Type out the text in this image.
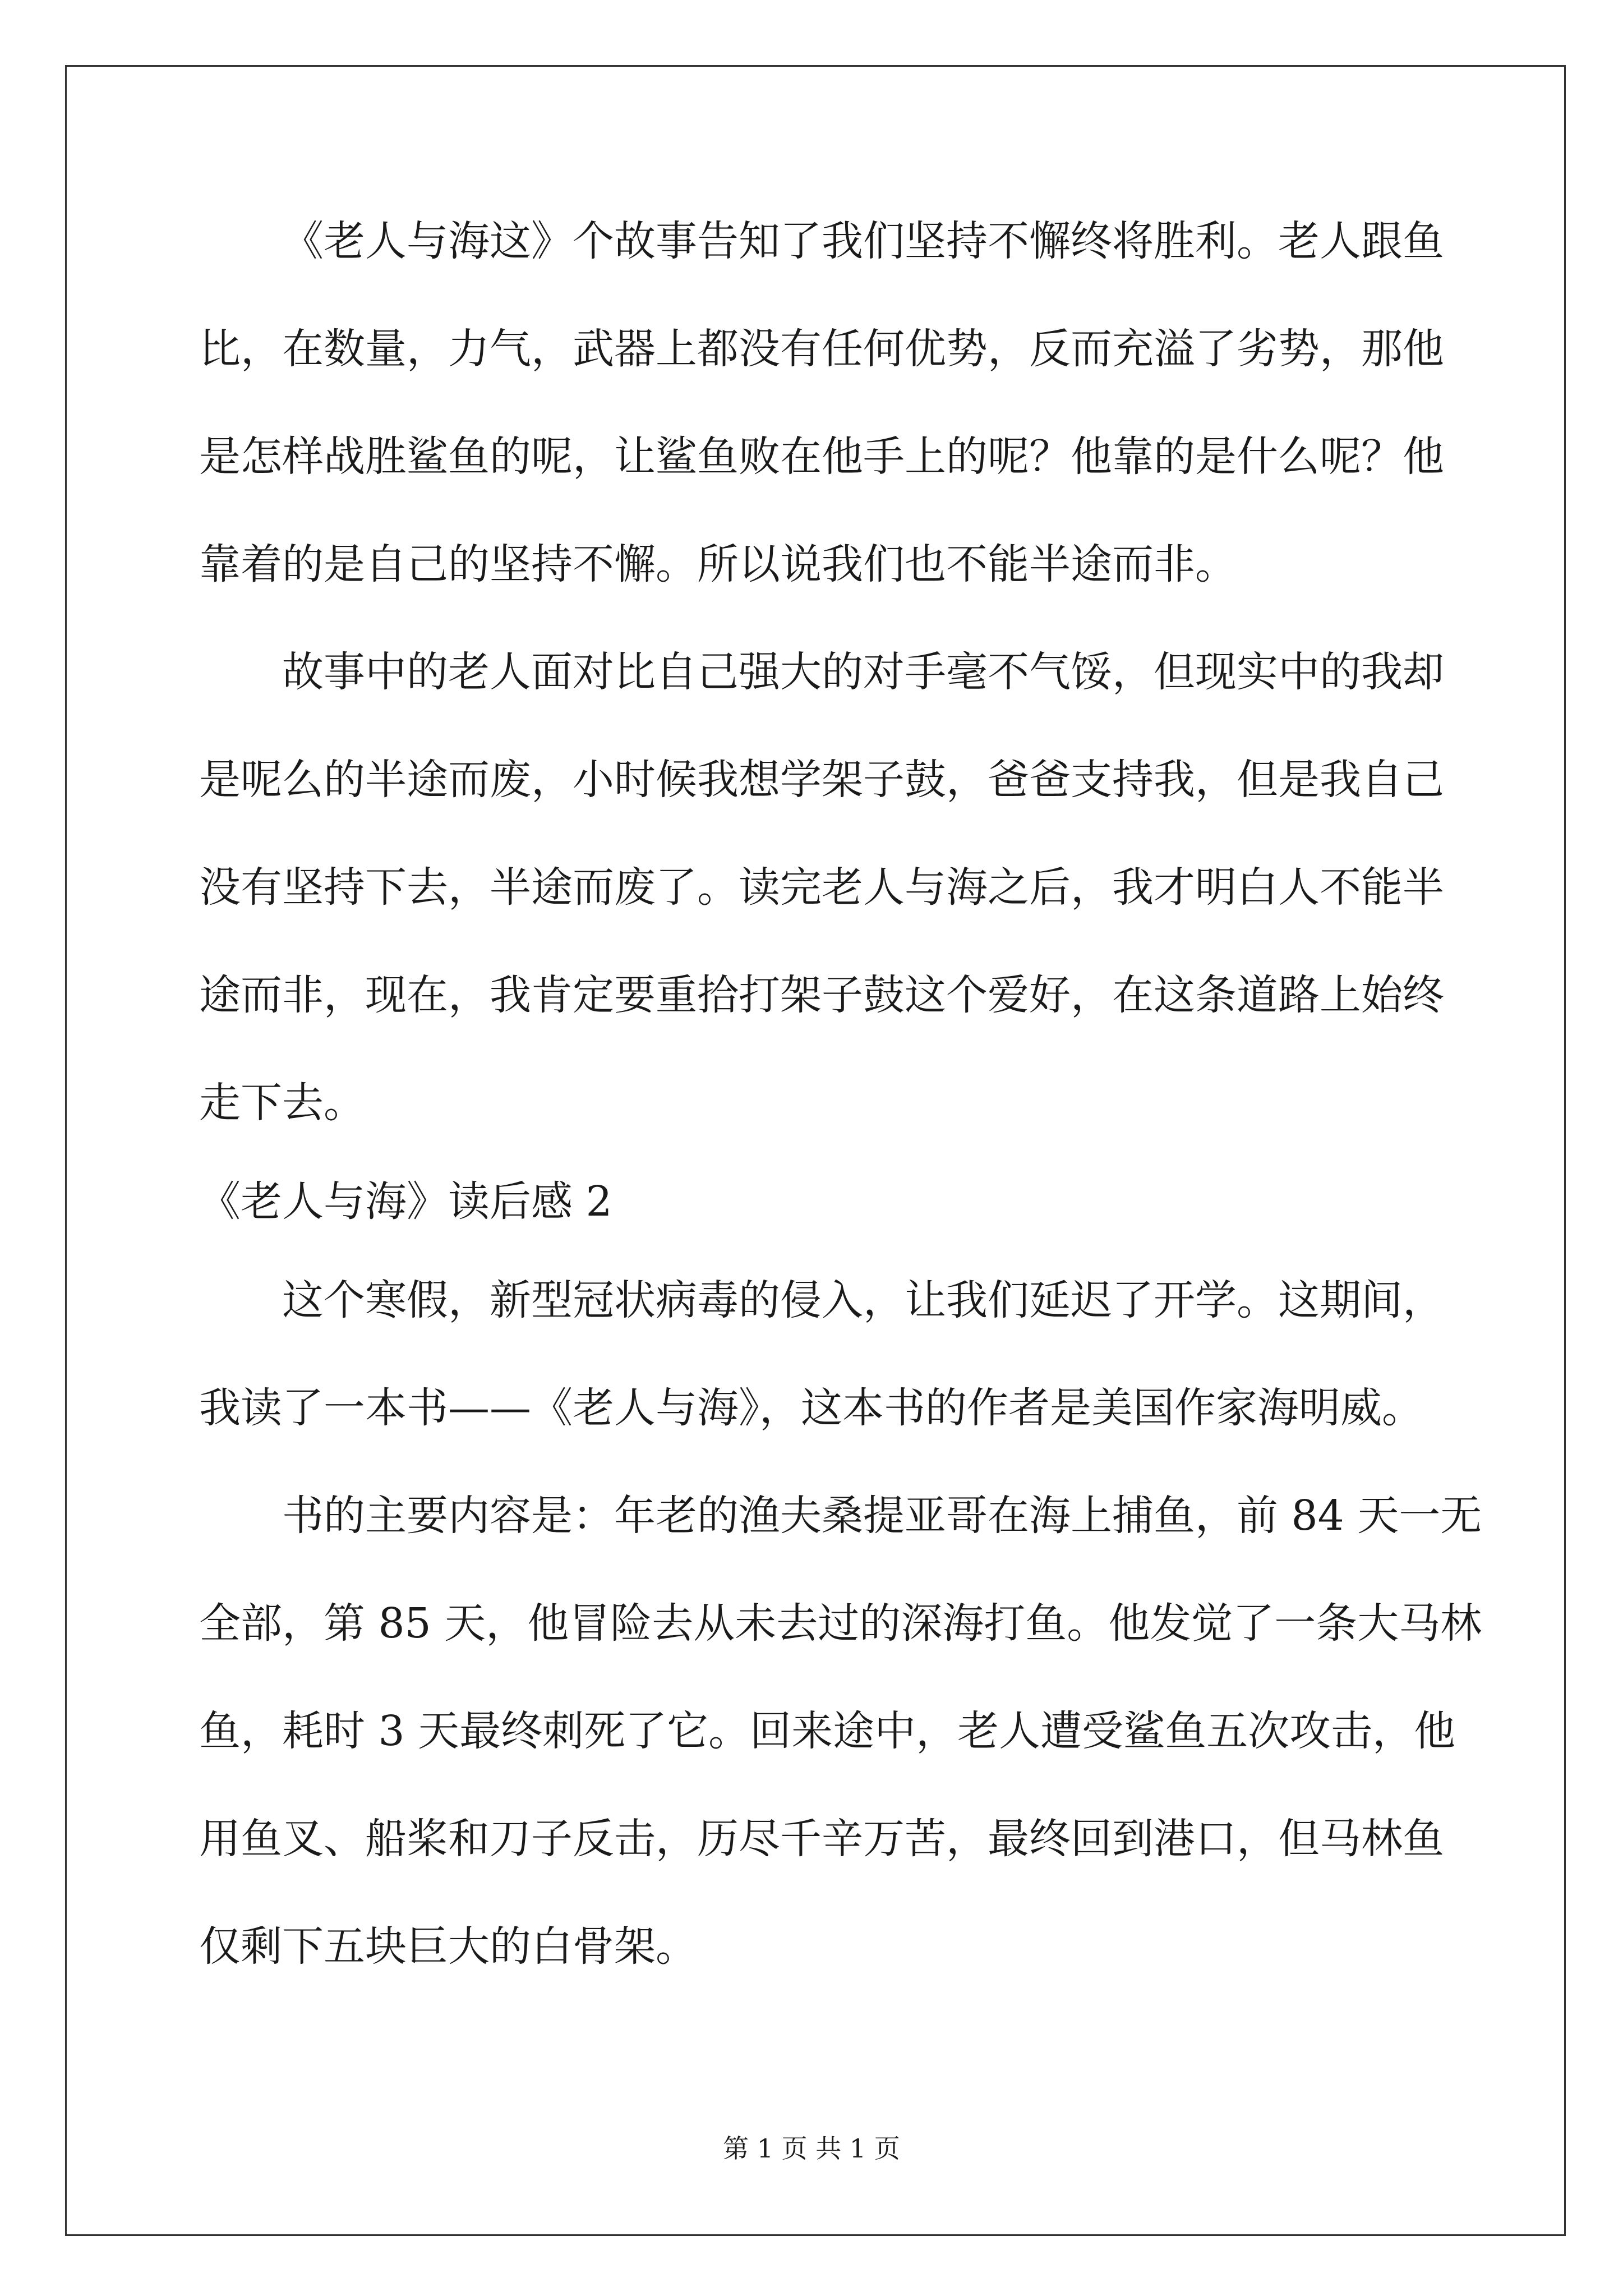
《老人与海这》个故事告知了我们坚持不懈终将胜利。老人跟鱼
比，在数量，力气，武器上都没有任何优势，反而充溢了劣势，那他
是怎样战胜鲨鱼的呢，让鲨鱼败在他手上的呢？他靠的是什么呢？他
靠着的是自己的坚持不懈。所以说我们也不能半途而非。
故事中的老人面对比自己强大的对手毫不气馁，但现实中的我却
是呢么的半途而废，小时候我想学架子鼓，爸爸支持我，但是我自己
没有坚持下去，半途而废了。读完老人与海之后，我才明白人不能半
途而非，现在，我肯定要重拾打架子鼓这个爱好，在这条道路上始终
走下去。
《老人与海》读后感 2
这个寒假，新型冠状病毒的侵入，让我们延迟了开学。这期间，
我读了一本书——《老人与海》，这本书的作者是美国作家海明威。
书的主要内容是：年老的渔夫桑提亚哥在海上捕鱼，前 84 天一无
全部，第 85 天，他冒险去从未去过的深海打鱼。他发觉了一条大马林
鱼，耗时 3 天最终刺死了它。回来途中，老人遭受鲨鱼五次攻击，他
用鱼叉、船桨和刀子反击，历尽千辛万苦，最终回到港口，但马林鱼
仅剩下五块巨大的白骨架。
第 1 页 共 1 页
